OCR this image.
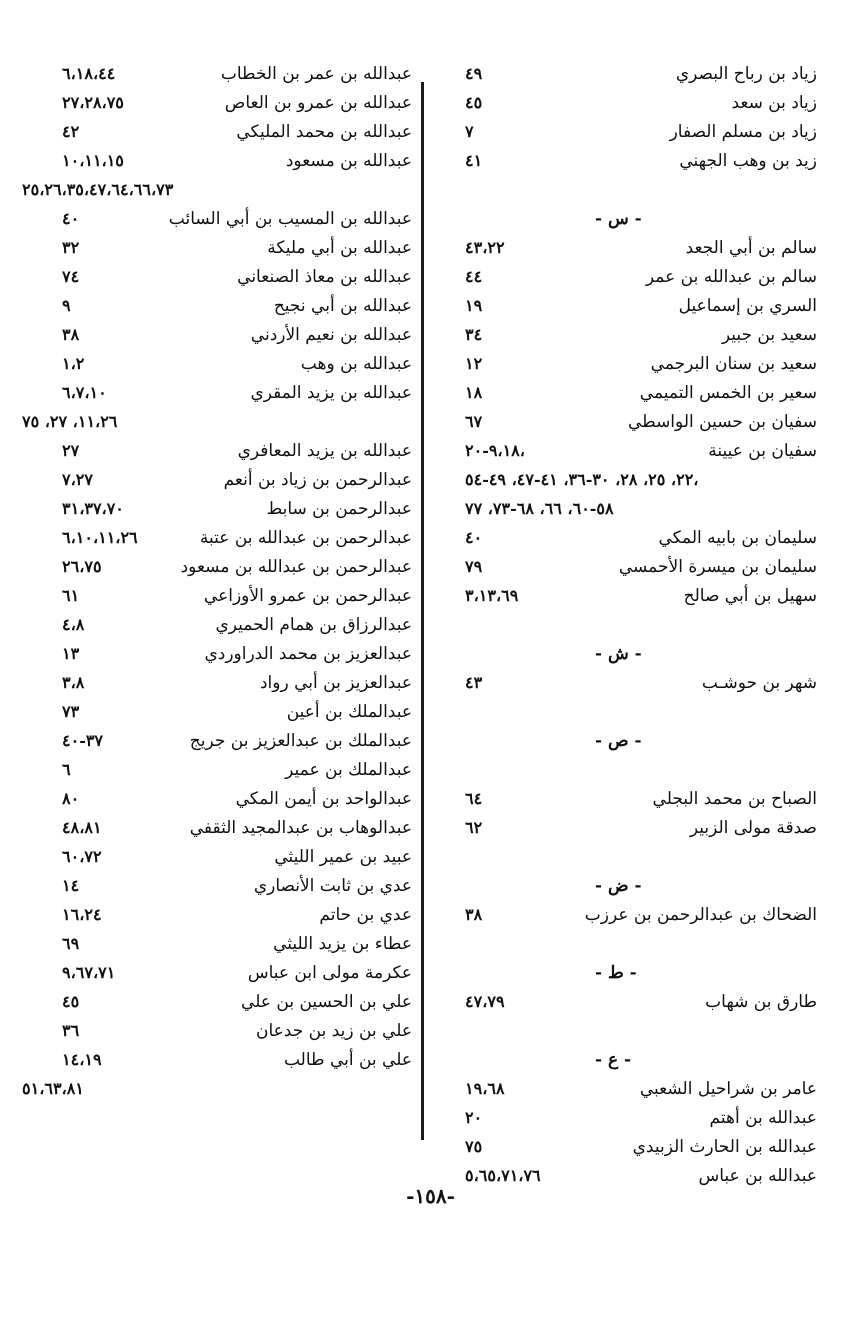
زياد بن رباح البصري
٤٩
زياد بن سعد
٤٥
زياد بن مسلم الصفار
٧
زيد بن وهب الجهني
٤١
- س -
سالم بن أبي الجعد
٤٣،٢٢
سالم بن عبدالله بن عمر
٤٤
السري بن إسماعيل
١٩
سعيد بن جبير
٣٤
سعيد بن سنان البرجمي
١٢
سعير بن الخمس التميمي
١٨
سفيان بن حسين الواسطي
٦٧
سفيان بن عيينة
٩،١٨-٢٠،
٢٢، ٢٥، ٢٨، ٣٠-٣٦، ٤١-٤٧، ٤٩-٥٤،
٥٨-٦٠، ٦٦، ٦٨-٧٣، ٧٧
سليمان بن بابيه المكي
٤٠
سليمان بن ميسرة الأحمسي
٧٩
سهيل بن أبي صالح
٣،١٣،٦٩
- ش -
شهر بن حوشـب
٤٣
- ص -
الصباح بن محمد البجلي
٦٤
صدقة مولى الزبير
٦٢
- ض -
الضحاك بن عبدالرحمن بن عرزب
٣٨
- ط -
طارق بن شهاب
٤٧،٧٩
- ع -
عامر بن شراحيل الشعبي
١٩،٦٨
عبدالله بن أهتم
٢٠
عبدالله بن الحارث الزبيدي
٧٥
عبدالله بن عباس
٥،٦٥،٧١،٧٦
عبدالله بن عمر بن الخطاب
٦،١٨،٤٤
عبدالله بن عمرو بن العاص
٢٧،٢٨،٧٥
عبدالله بن محمد المليكي
٤٢
عبدالله بن مسعود
١٠،١١،١٥
٢٥،٢٦،٣٥،٤٧،٦٤،٦٦،٧٣
عبدالله بن المسيب بن أبي السائب
٤٠
عبدالله بن أبي مليكة
٣٢
عبدالله بن معاذ الصنعاني
٧٤
عبدالله بن أبي نجيح
٩
عبدالله بن نعيم الأردني
٣٨
عبدالله بن وهب
١،٢
عبدالله بن يزيد المقري
٦،٧،١٠
١١،٢٦، ٢٧، ٧٥
عبدالله بن يزيد المعافري
٢٧
عبدالرحمن بن زياد بن أنعم
٧،٢٧
عبدالرحمن بن سابط
٣١،٣٧،٧٠
عبدالرحمن بن عبدالله بن عتبة
٦،١٠،١١،٢٦
عبدالرحمن بن عبدالله بن مسعود
٢٦،٧٥
عبدالرحمن بن عمرو الأوزاعي
٦١
عبدالرزاق بن همام الحميري
٤،٨
عبدالعزيز بن محمد الدراوردي
١٣
عبدالعزيز بن أبي رواد
٣،٨
عبدالملك بن أعين
٧٣
عبدالملك بن عبدالعزيز بن جريج
٣٧-٤٠
عبدالملك بن عمير
٦
عبدالواحد بن أيمن المكي
٨٠
عبدالوهاب بن عبدالمجيد الثقفي
٤٨،٨١
عبيد بن عمير الليثي
٦٠،٧٢
عدي بن ثابت الأنصاري
١٤
عدي بن حاتم
١٦،٢٤
عطاء بن يزيد الليثي
٦٩
عكرمة مولى ابن عباس
٩،٦٧،٧١
علي بن الحسين بن علي
٤٥
علي بن زيد بن جدعان
٣٦
علي بن أبي طالب
١٤،١٩
٥١،٦٣،٨١
-١٥٨-
